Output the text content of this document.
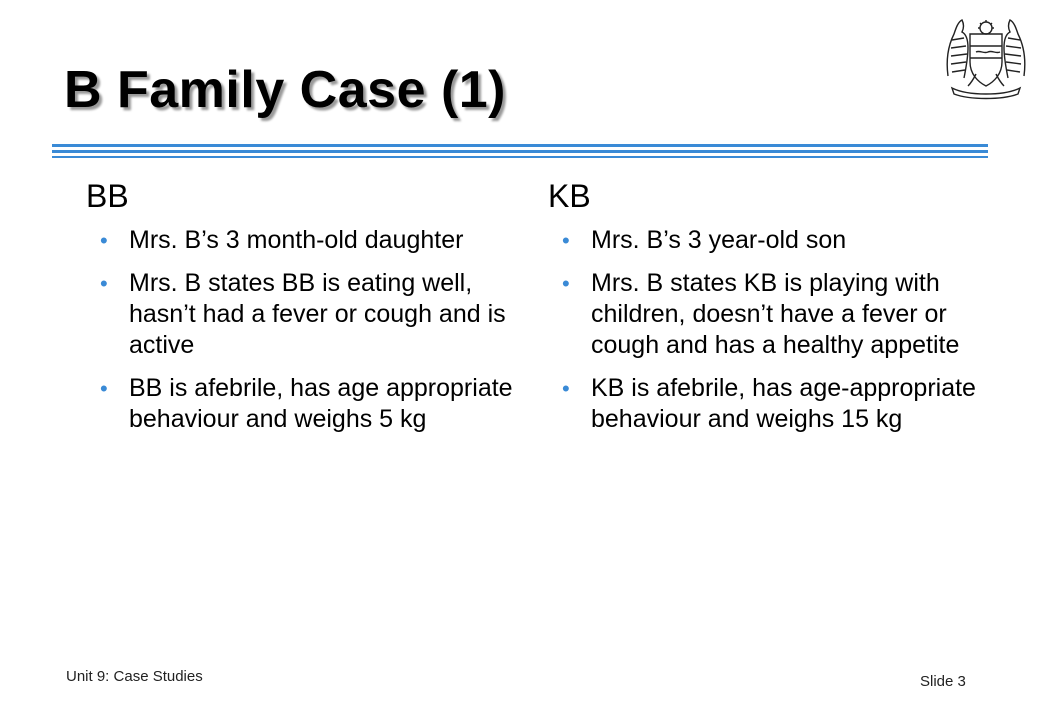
B Family Case (1)
BB
• Mrs. B’s 3 month-old daughter
• Mrs. B states BB is eating well, hasn’t had a fever or cough and is active
• BB is afebrile, has age appropriate behaviour and weighs 5 kg
KB
• Mrs. B’s 3 year-old son
• Mrs. B states KB is playing with children, doesn’t have a fever or cough and has a healthy appetite
• KB is afebrile, has age-appropriate behaviour and weighs 15 kg
Unit 9: Case Studies	Slide 3
